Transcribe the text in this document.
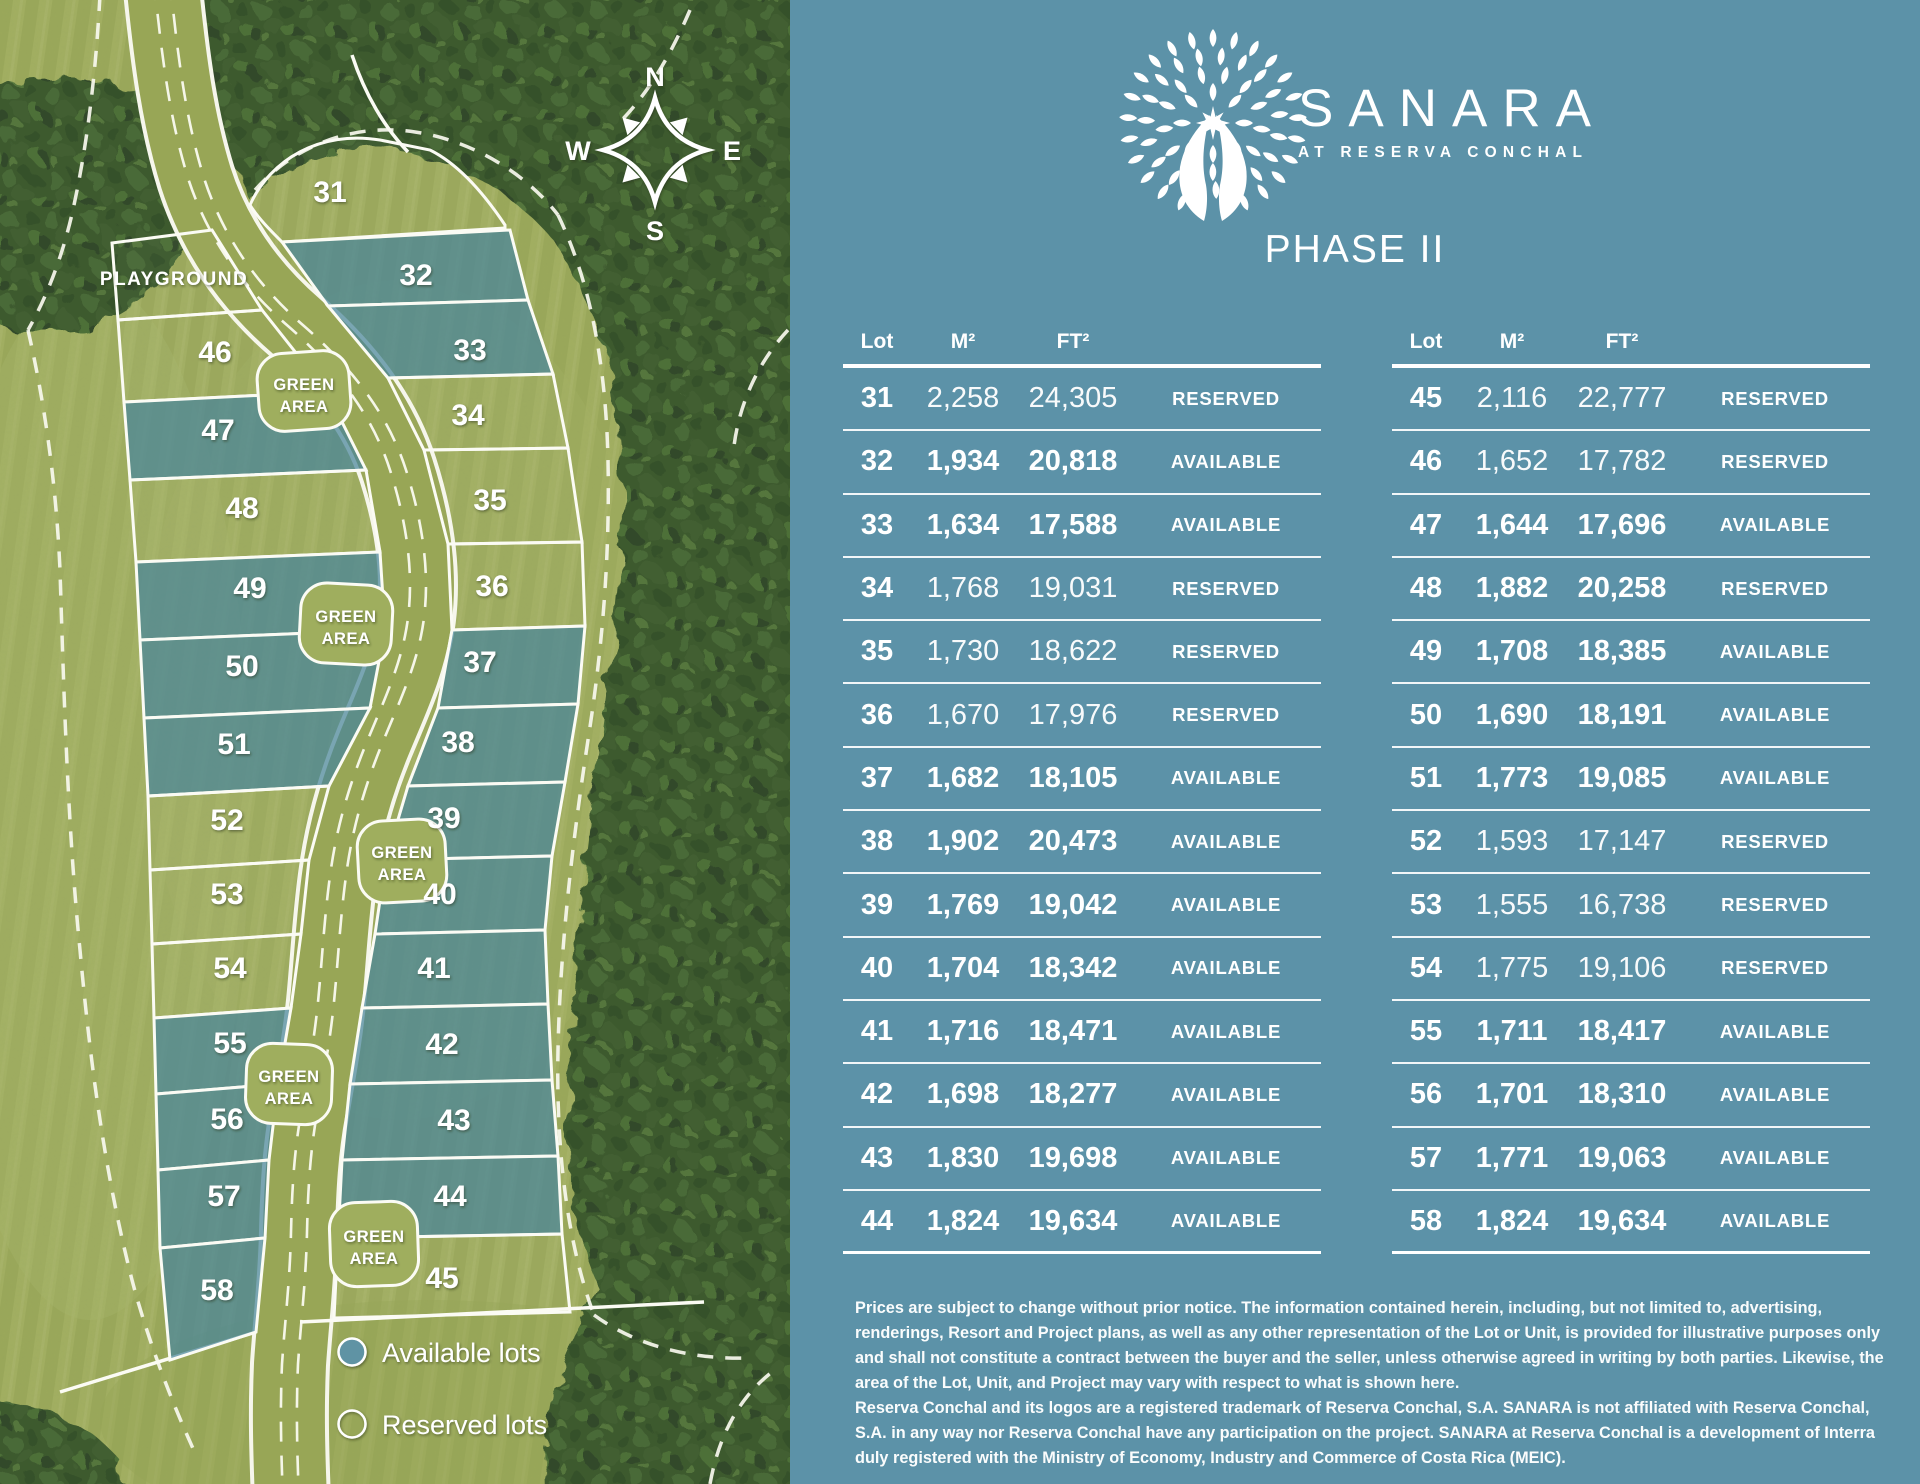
PLAYGROUND
31
32
33
34
35
36
37
38
39
40
41
42
43
44
45
46
47
48
49
50
51
52
53
54
55
56
57
58
GREEN
AREA
GREEN
AREA
GREEN
AREA
GREEN
AREA
GREEN
AREA
N
E
S
W
Available lots
Reserved lots
SANARA
AT RESERVA CONCHAL
PHASE II
Lot	M²	FT²
31	2,258	24,305	RESERVED
32	1,934	20,818	AVAILABLE
33	1,634	17,588	AVAILABLE
34	1,768	19,031	RESERVED
35	1,730	18,622	RESERVED
36	1,670	17,976	RESERVED
37	1,682	18,105	AVAILABLE
38	1,902	20,473	AVAILABLE
39	1,769	19,042	AVAILABLE
40	1,704	18,342	AVAILABLE
41	1,716	18,471	AVAILABLE
42	1,698	18,277	AVAILABLE
43	1,830	19,698	AVAILABLE
44	1,824	19,634	AVAILABLE
Lot	M²	FT²
45	2,116	22,777	RESERVED
46	1,652	17,782	RESERVED
47	1,644	17,696	AVAILABLE
48	1,882	20,258	RESERVED
49	1,708	18,385	AVAILABLE
50	1,690	18,191	AVAILABLE
51	1,773	19,085	AVAILABLE
52	1,593	17,147	RESERVED
53	1,555	16,738	RESERVED
54	1,775	19,106	RESERVED
55	1,711	18,417	AVAILABLE
56	1,701	18,310	AVAILABLE
57	1,771	19,063	AVAILABLE
58	1,824	19,634	AVAILABLE

Prices are subject to change without prior notice. The information contained herein, including, but not limited to, advertising, renderings, Resort and Project plans, as well as any other representation of the Lot or Unit, is provided for illustrative purposes only and shall not constitute a contract between the buyer and the seller, unless otherwise agreed in writing by both parties. Likewise, the area of the Lot, Unit, and Project may vary with respect to what is shown here.

Reserva Conchal and its logos are a registered trademark of Reserva Conchal, S.A. SANARA is not affiliated with Reserva Conchal, S.A. in any way nor Reserva Conchal have any participation on the project. SANARA at Reserva Conchal is a development of Interra duly registered with the Ministry of Economy, Industry and Commerce of Costa Rica (MEIC).
